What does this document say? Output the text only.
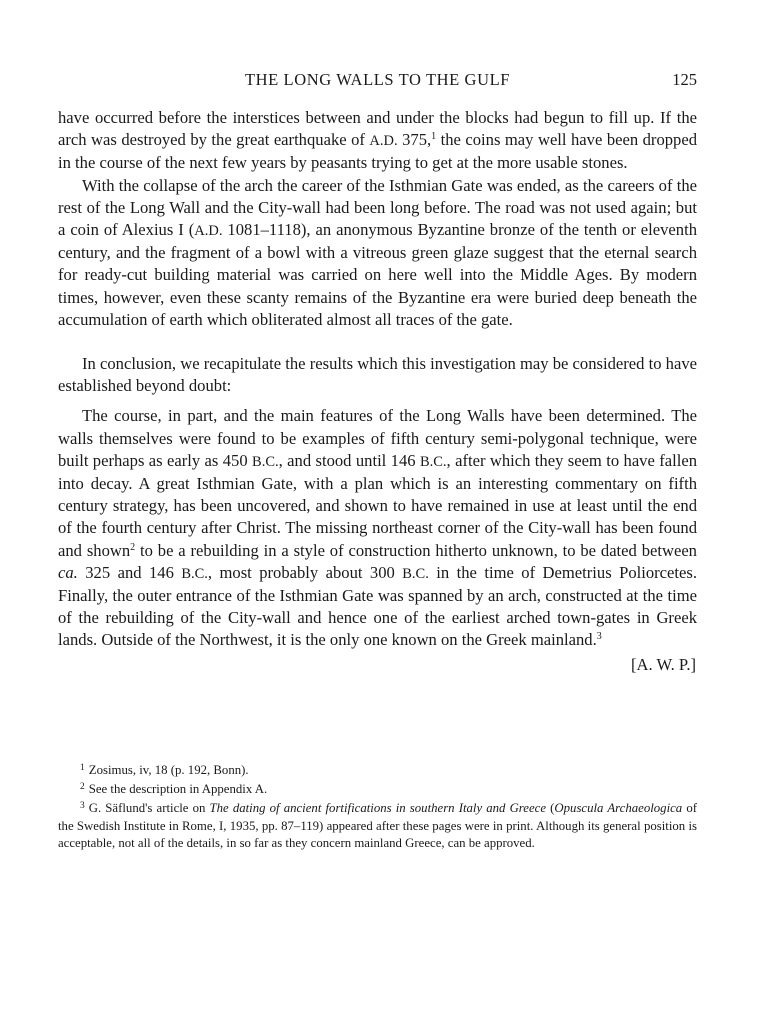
THE LONG WALLS TO THE GULF	125

have occurred before the interstices between and under the blocks had begun to fill up. If the arch was destroyed by the great earthquake of A.D. 375,$^1$ the coins may well have been dropped in the course of the next few years by peasants trying to get at the more usable stones.

With the collapse of the arch the career of the Isthmian Gate was ended, as the careers of the rest of the Long Wall and the City-wall had been long before. The road was not used again; but a coin of Alexius I (A.D. 1081–1118), an anonymous Byzantine bronze of the tenth or eleventh century, and the fragment of a bowl with a vitreous green glaze suggest that the eternal search for ready-cut building material was carried on here well into the Middle Ages. By modern times, however, even these scanty remains of the Byzantine era were buried deep beneath the accumulation of earth which obliterated almost all traces of the gate.

In conclusion, we recapitulate the results which this investigation may be considered to have established beyond doubt:

The course, in part, and the main features of the Long Walls have been determined. The walls themselves were found to be examples of fifth century semi-polygonal technique, were built perhaps as early as 450 B.C., and stood until 146 B.C., after which they seem to have fallen into decay. A great Isthmian Gate, with a plan which is an interesting commentary on fifth century strategy, has been uncovered, and shown to have remained in use at least until the end of the fourth century after Christ. The missing northeast corner of the City-wall has been found and shown$^2$ to be a rebuilding in a style of construction hitherto unknown, to be dated between ca. 325 and 146 B.C., most probably about 300 B.C. in the time of Demetrius Poliorcetes. Finally, the outer entrance of the Isthmian Gate was spanned by an arch, constructed at the time of the rebuilding of the City-wall and hence one of the earliest arched town-gates in Greek lands. Outside of the Northwest, it is the only one known on the Greek mainland.$^3$

[A. W. P.]
$^1$ Zosimus, iv, 18 (p. 192, Bonn).
$^2$ See the description in Appendix A.
$^3$ G. Säflund's article on The dating of ancient fortifications in southern Italy and Greece (Opuscula Archaeologica of the Swedish Institute in Rome, I, 1935, pp. 87–119) appeared after these pages were in print. Although its general position is acceptable, not all of the details, in so far as they concern mainland Greece, can be approved.
